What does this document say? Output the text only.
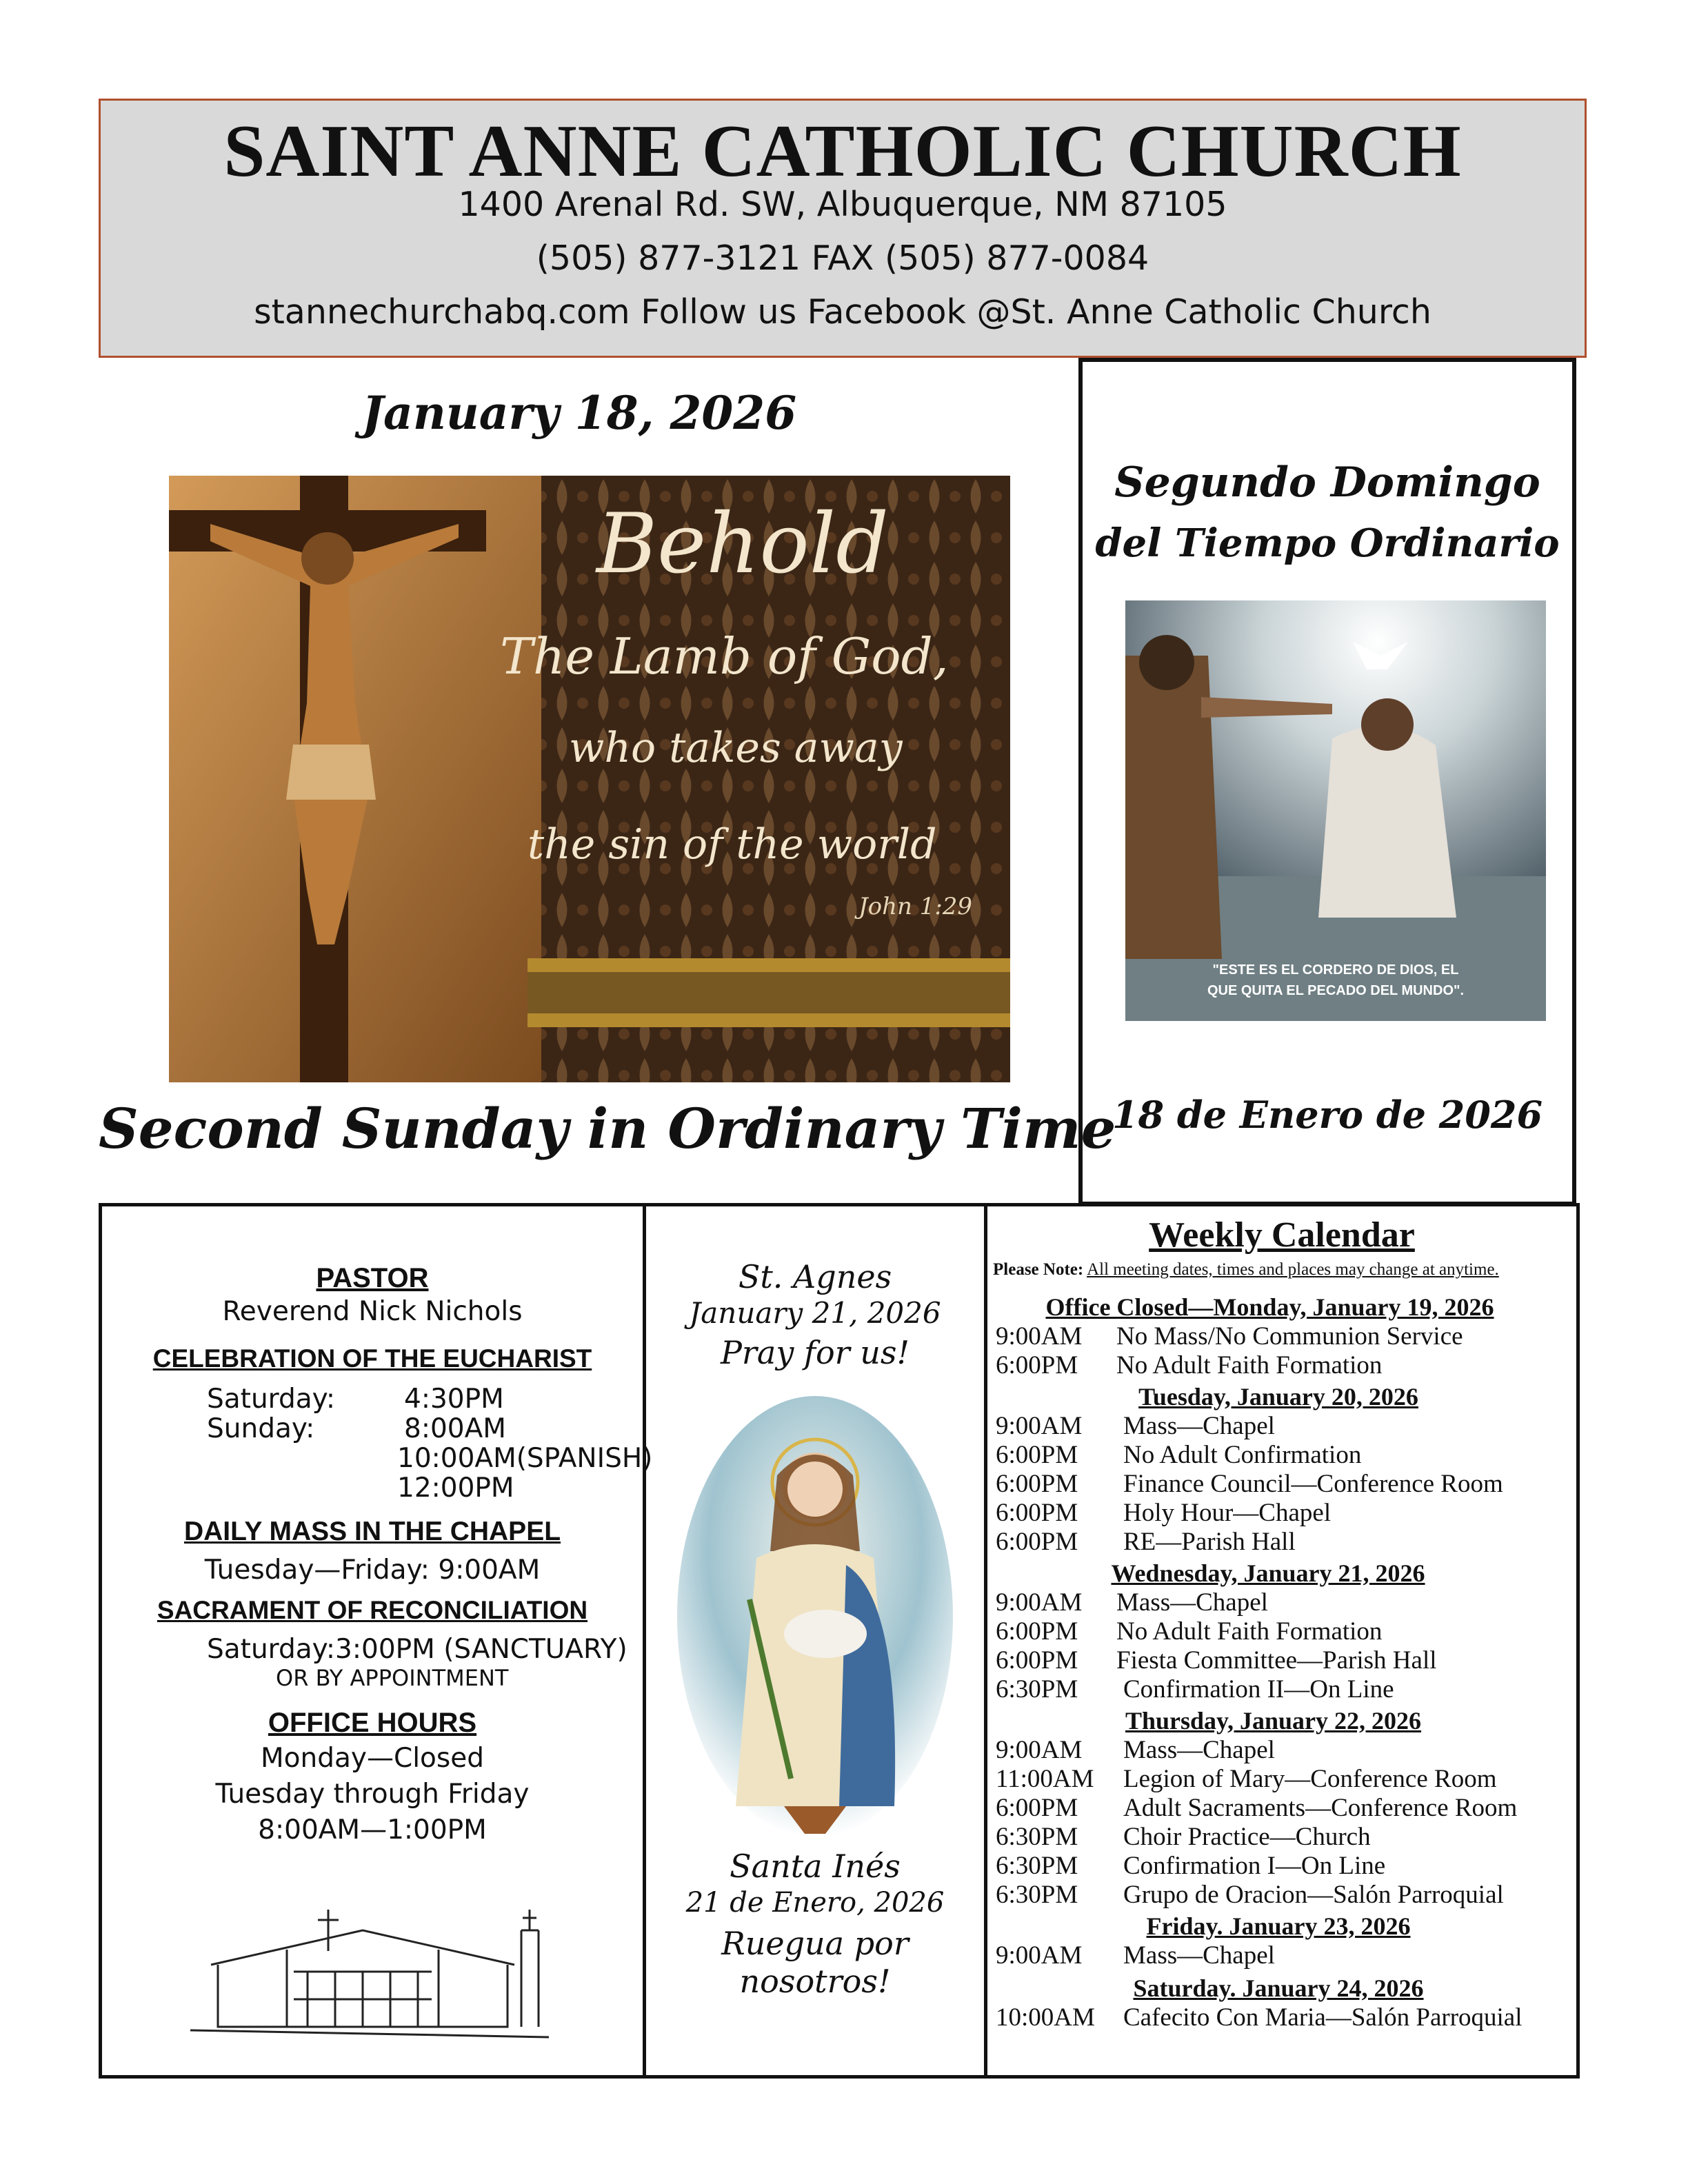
SAINT ANNE CATHOLIC CHURCH
1400 Arenal Rd. SW, Albuquerque, NM 87105
(505) 877-3121 FAX (505) 877-0084
stannechurchabq.com Follow us Facebook @St. Anne Catholic Church
January 18, 2026
Behold
The Lamb of God,
who takes away
the sin of the world
John 1:29
Second Sunday in Ordinary Time
Segundo Domingo
del Tiempo Ordinario
"ESTE ES EL CORDERO DE DIOS, EL
QUE QUITA EL PECADO DEL MUNDO".
18 de Enero de 2026
PASTOR
Reverend Nick Nichols
CELEBRATION OF THE EUCHARIST
Saturday:	4:30PM
Sunday:	8:00AM
10:00AM(SPANISH)
12:00PM
DAILY MASS IN THE CHAPEL
Tuesday—Friday: 9:00AM
SACRAMENT OF RECONCILIATION
Saturday:3:00PM (SANCTUARY)
OR BY APPOINTMENT
OFFICE HOURS
Monday—Closed
Tuesday through Friday
8:00AM—1:00PM
St. Agnes
January 21, 2026
Pray for us!
Santa Inés
21 de Enero, 2026
Ruegua por
nosotros!
Weekly Calendar
Please Note: All meeting dates, times and places may change at anytime.
Office Closed—Monday, January 19, 2026
9:00AM No Mass/No Communion Service
6:00PM No Adult Faith Formation
Tuesday, January 20, 2026
9:00AM Mass—Chapel
6:00PM No Adult Confirmation
6:00PM Finance Council—Conference Room
6:00PM Holy Hour—Chapel
6:00PM RE—Parish Hall
Wednesday, January 21, 2026
9:00AM Mass—Chapel
6:00PM No Adult Faith Formation
6:00PM Fiesta Committee—Parish Hall
6:30PM Confirmation II—On Line
Thursday, January 22, 2026
9:00AM Mass—Chapel
11:00AM Legion of Mary—Conference Room
6:00PM Adult Sacraments—Conference Room
6:30PM Choir Practice—Church
6:30PM Confirmation I—On Line
6:30PM Grupo de Oracion—Salón Parroquial
Friday. January 23, 2026
9:00AM Mass—Chapel
Saturday. January 24, 2026
10:00AM Cafecito Con Maria—Salón Parroquial
